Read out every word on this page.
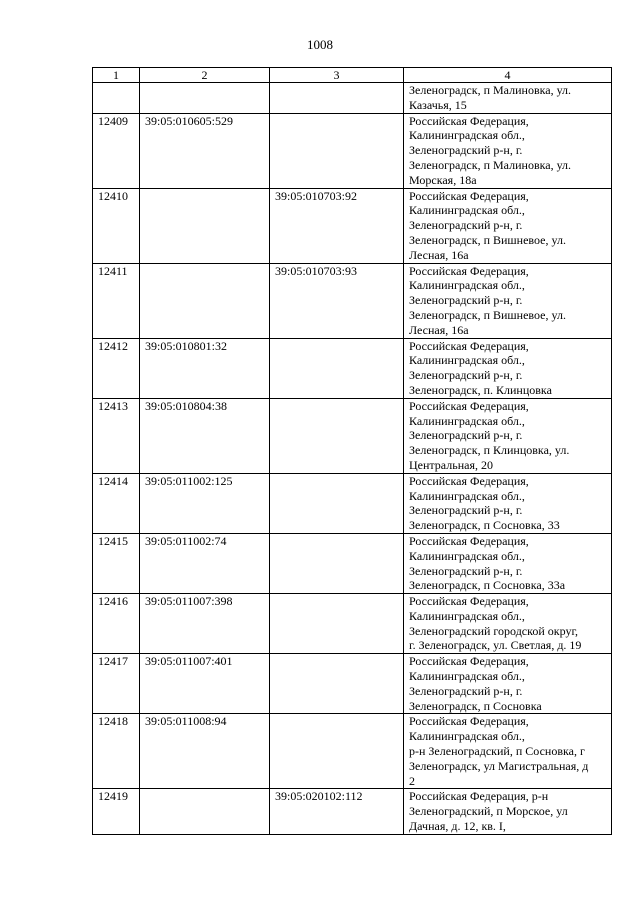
1008
1	2	3	4

			Зеленоградск, п Малиновка, ул.
Казачья, 15

12409	39:05:010605:529		Российская Федерация,
Калининградская обл.,
Зеленоградский р-н, г.
Зеленоградск, п Малиновка, ул.
Морская, 18а

12410		39:05:010703:92	Российская Федерация,
Калининградская обл.,
Зеленоградский р-н, г.
Зеленоградск, п Вишневое, ул.
Лесная, 16а

12411		39:05:010703:93	Российская Федерация,
Калининградская обл.,
Зеленоградский р-н, г.
Зеленоградск, п Вишневое, ул.
Лесная, 16а

12412	39:05:010801:32		Российская Федерация,
Калининградская обл.,
Зеленоградский р-н, г.
Зеленоградск, п. Клинцовка

12413	39:05:010804:38		Российская Федерация,
Калининградская обл.,
Зеленоградский р-н, г.
Зеленоградск, п Клинцовка, ул.
Центральная, 20

12414	39:05:011002:125		Российская Федерация,
Калининградская обл.,
Зеленоградский р-н, г.
Зеленоградск, п Сосновка, 33

12415	39:05:011002:74		Российская Федерация,
Калининградская обл.,
Зеленоградский р-н, г.
Зеленоградск, п Сосновка, 33а

12416	39:05:011007:398		Российская Федерация,
Калининградская обл.,
Зеленоградский городской округ,
г. Зеленоградск, ул. Светлая, д. 19

12417	39:05:011007:401		Российская Федерация,
Калининградская обл.,
Зеленоградский р-н, г.
Зеленоградск, п Сосновка

12418	39:05:011008:94		Российская Федерация,
Калининградская обл.,
р-н Зеленоградский, п Сосновка, г
Зеленоградск, ул Магистральная, д
2

12419		39:05:020102:112	Российская Федерация, р-н
Зеленоградский, п Морское, ул
Дачная, д. 12, кв. I,
